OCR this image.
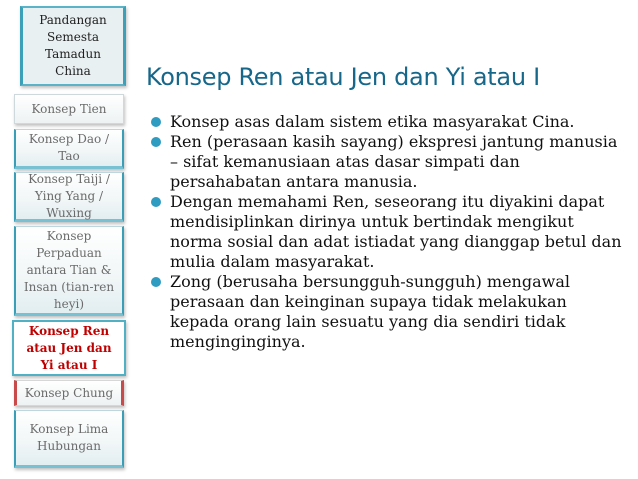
Pandangan Semesta Tamadun China
Konsep Tien
Konsep Dao / Tao
Konsep Taiji / Ying Yang / Wuxing
Konsep Perpaduan antara Tian & Insan (tian-ren heyi)
Konsep Ren atau Jen dan Yi atau I
Konsep Chung
Konsep Lima Hubungan
Konsep Ren atau Jen dan Yi atau I
Konsep asas dalam sistem etika masyarakat Cina.
Ren (perasaan kasih sayang) ekspresi jantung manusia – sifat kemanusiaan atas dasar simpati dan persahabatan antara manusia.
Dengan memahami Ren, seseorang itu diyakini dapat mendisiplinkan dirinya untuk bertindak mengikut norma sosial dan adat istiadat yang dianggap betul dan mulia dalam masyarakat.
Zong (berusaha bersungguh-sungguh) mengawal perasaan dan keinginan supaya tidak melakukan kepada orang lain sesuatu yang dia sendiri tidak menginginginya.
